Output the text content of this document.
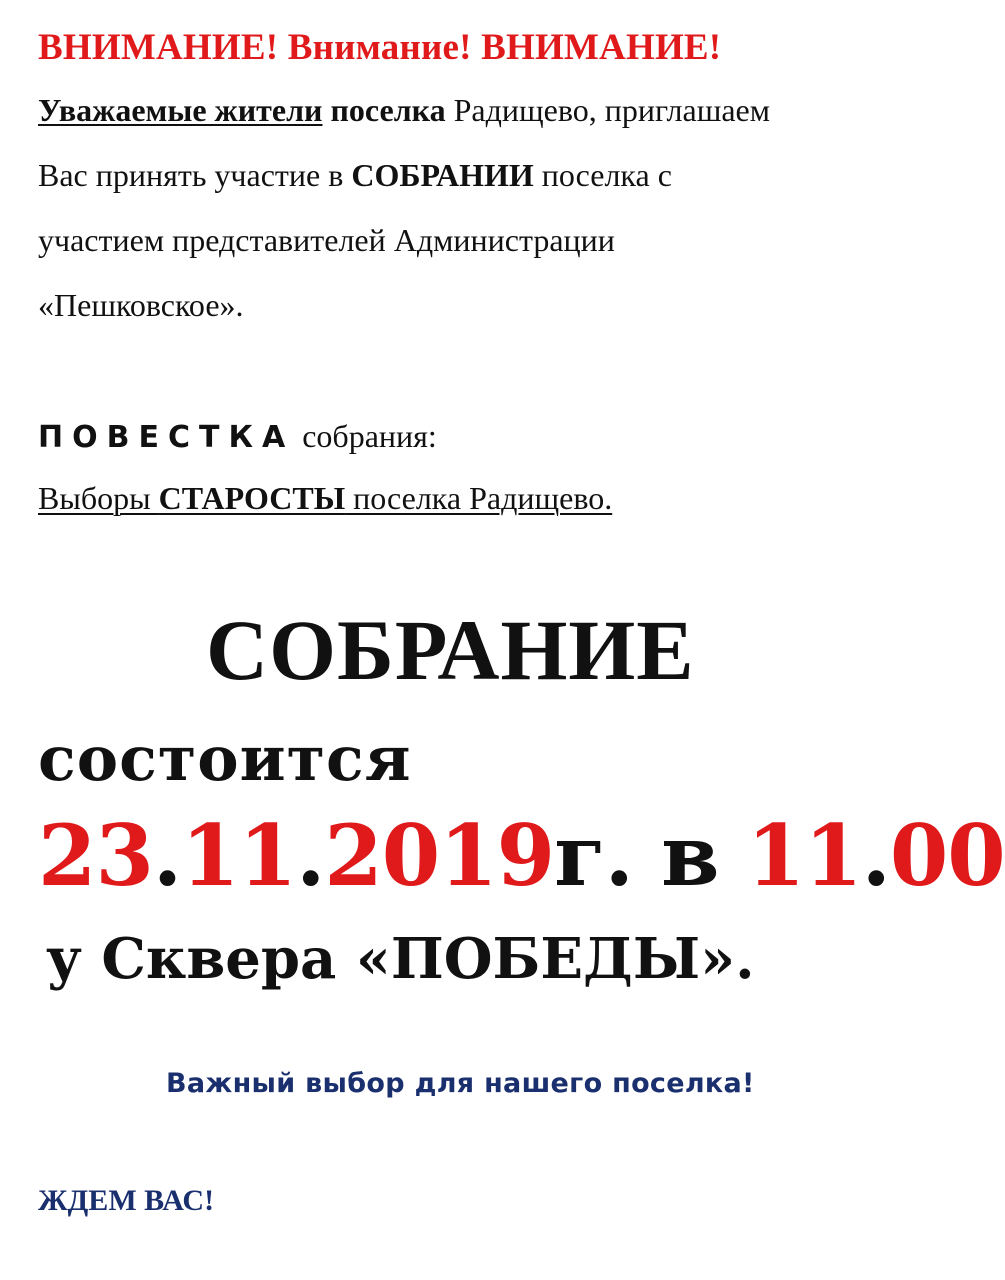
ВНИМАНИЕ! Внимание! ВНИМАНИЕ!
Уважаемые жители поселка Радищево, приглашаем
Вас принять участие в СОБРАНИИ поселка с
участием представителей Администрации
«Пешковское».
ПОВЕСТКА собрания:
Выборы СТАРОСТЫ поселка Радищево.
СОБРАНИЕ
состоится
23.11.2019г. в 11.00
у Сквера «ПОБЕДЫ».
Важный выбор для нашего поселка!
ЖДЕМ ВАС!
